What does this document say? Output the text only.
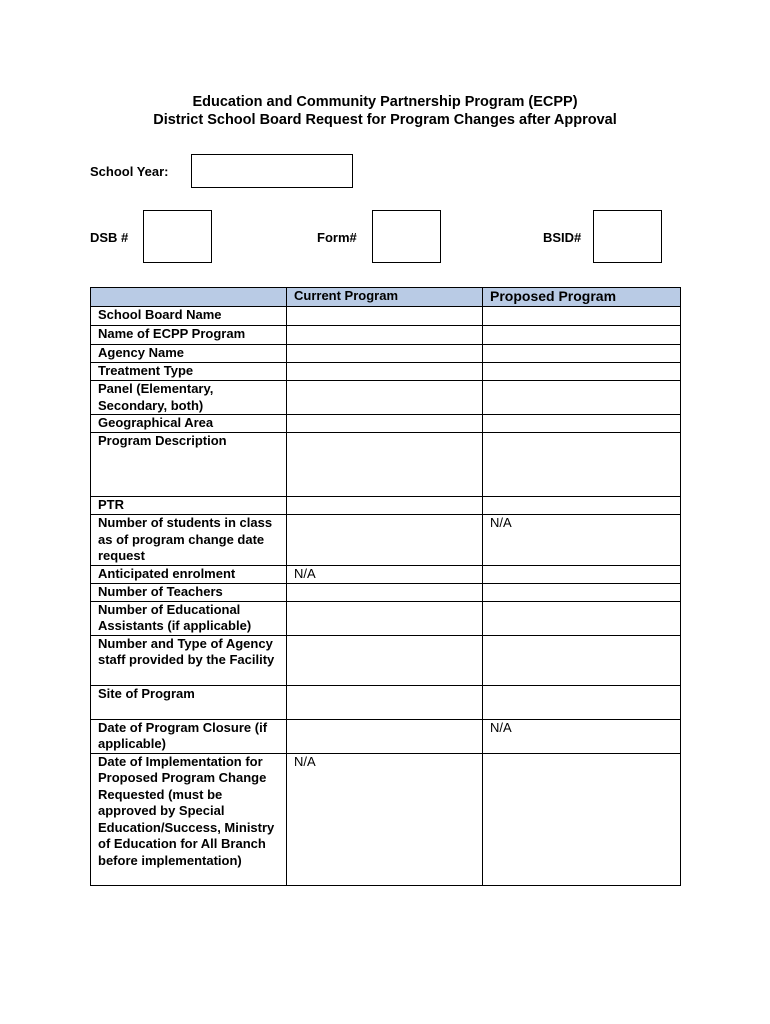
Education and Community Partnership Program (ECPP)
District School Board Request for Program Changes after Approval
School Year:
DSB #	Form#	BSID#
	Current Program	Proposed Program
School Board Name		
Name of ECPP Program		
Agency Name		
Treatment Type		
Panel (Elementary, Secondary, both)		
Geographical Area		
Program Description		
PTR		
Number of students in class as of program change date request		N/A
Anticipated enrolment	N/A	
Number of Teachers		
Number of Educational Assistants (if applicable)		
Number and Type of Agency staff provided by the Facility		
Site of Program		
Date of Program Closure (if applicable)		N/A
Date of Implementation for Proposed Program Change Requested (must be approved by Special Education/Success, Ministry of Education for All Branch before implementation)	N/A	
